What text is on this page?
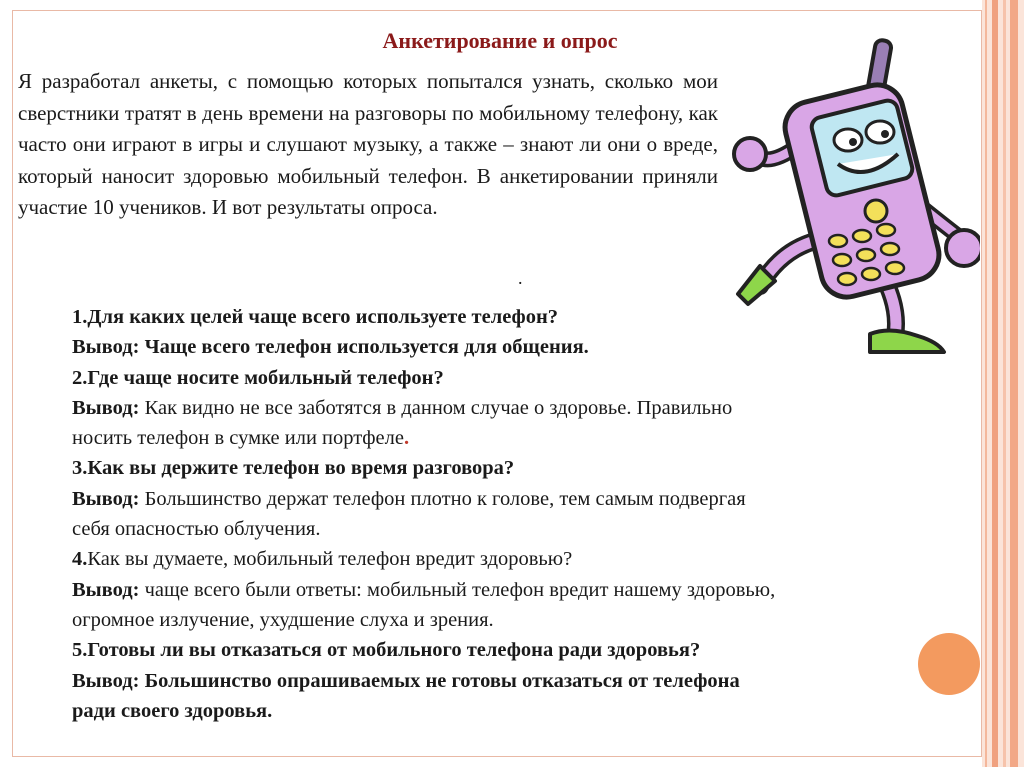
Анкетирование и опрос
Я разработал анкеты, с помощью которых попытался узнать, сколько мои сверстники тратят в день времени на разговоры по мобильному телефону, как часто они играют в игры и слушают музыку, а также – знают ли они о вреде, который наносит здоровью мобильный телефон. В анкетировании приняли участие 10 учеников. И вот результаты опроса.
.
1.Для каких целей чаще всего используете телефон?
Вывод: Чаще всего телефон используется для общения.
2.Где чаще носите мобильный телефон?
Вывод: Как видно не все заботятся в данном случае о здоровье. Правильно
носить телефон в сумке или портфеле.
3.Как вы держите телефон во время разговора?
Вывод: Большинство держат телефон плотно к голове, тем самым подвергая
себя опасностью облучения.
4.Как вы думаете, мобильный телефон вредит здоровью?
Вывод: чаще всего были ответы: мобильный телефон вредит нашему здоровью,
огромное излучение, ухудшение слуха и зрения.
5.Готовы ли вы отказаться от мобильного телефона ради здоровья?
Вывод: Большинство опрашиваемых не готовы отказаться от телефона
ради своего здоровья.
